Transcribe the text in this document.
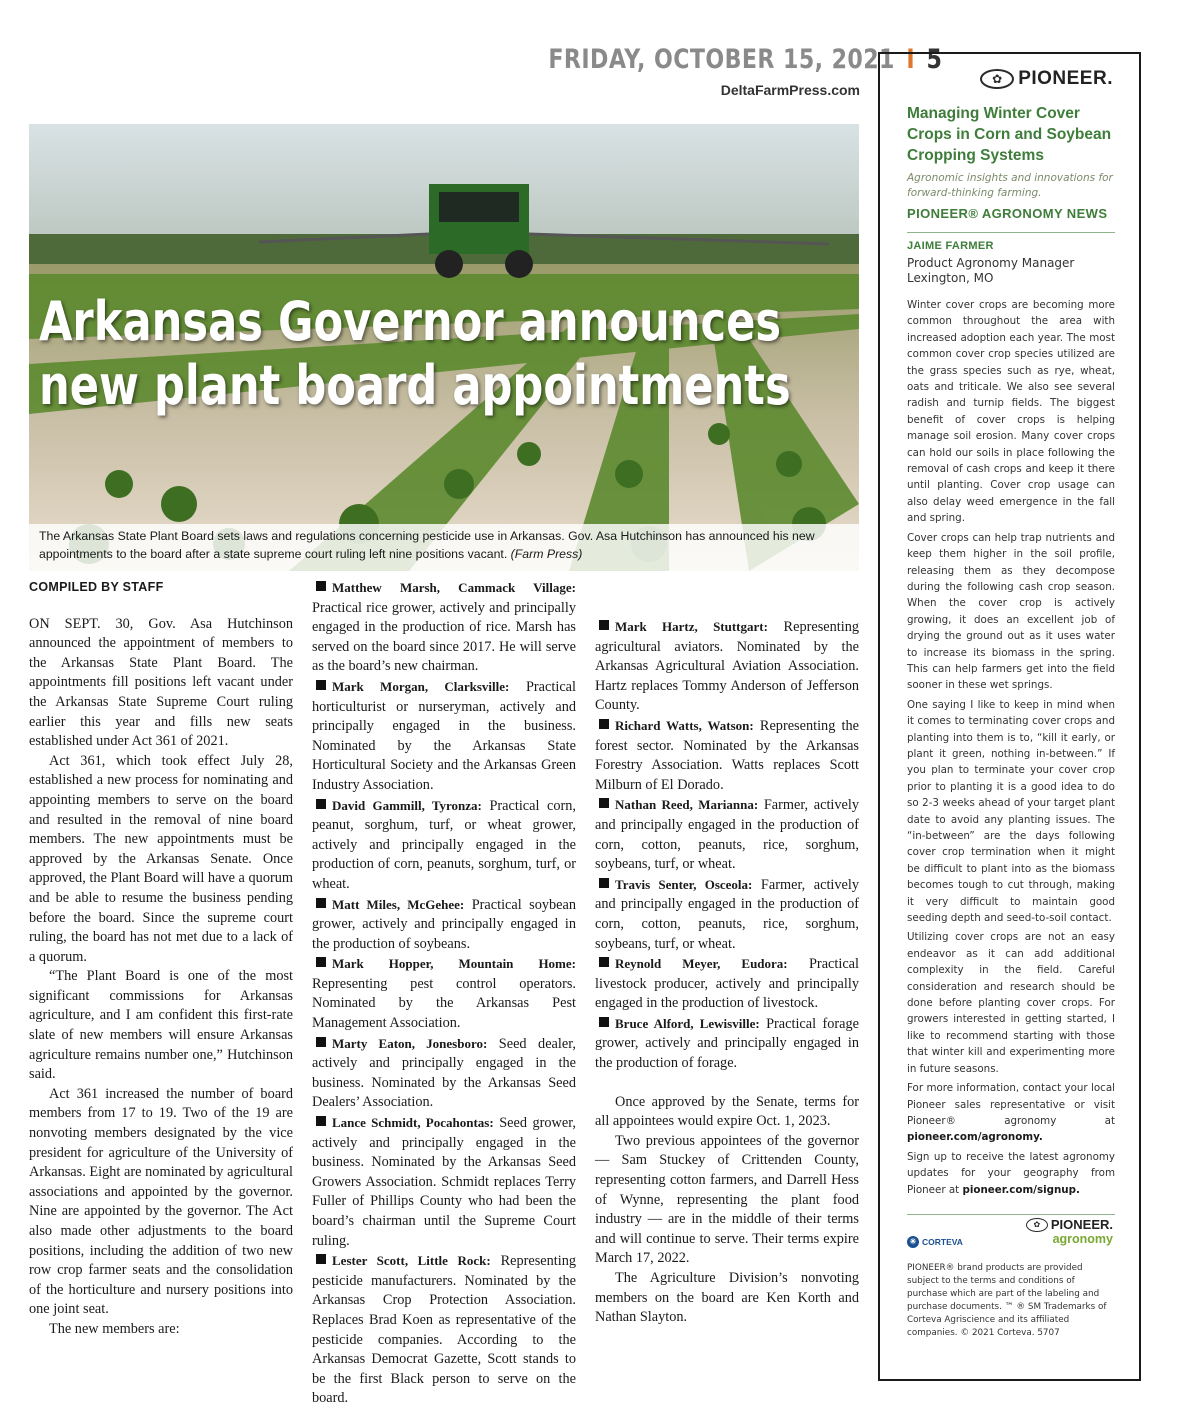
FRIDAY, OCTOBER 15, 2021 I 5
DeltaFarmPress.com
Arkansas Governor announces
new plant board appointments
The Arkansas State Plant Board sets laws and regulations concerning pesticide use in Arkansas. Gov. Asa Hutchinson has announced his new appointments to the board after a state supreme court ruling left nine positions vacant. (Farm Press)
COMPILED BY STAFF

ON SEPT. 30, Gov. Asa Hutchinson announced the appointment of members to the Arkansas State Plant Board. The appointments fill positions left vacant under the Arkansas State Supreme Court ruling earlier this year and fills new seats established under Act 361 of 2021.

Act 361, which took effect July 28, established a new process for nominating and appointing members to serve on the board and resulted in the removal of nine board members. The new appointments must be approved by the Arkansas Senate. Once approved, the Plant Board will have a quorum and be able to resume the business pending before the board. Since the supreme court ruling, the board has not met due to a lack of a quorum.

“The Plant Board is one of the most significant commissions for Arkansas agriculture, and I am confident this first-rate slate of new members will ensure Arkansas agriculture remains number one,” Hutchinson said.

Act 361 increased the number of board members from 17 to 19. Two of the 19 are nonvoting members designated by the vice president for agriculture of the University of Arkansas. Eight are nominated by agricultural associations and appointed by the governor. Nine are appointed by the governor. The Act also made other adjustments to the board positions, including the addition of two new row crop farmer seats and the consolidation of the horticulture and nursery positions into one joint seat.

The new members are:

Matthew Marsh, Cammack Village: Practical rice grower, actively and principally engaged in the production of rice. Marsh has served on the board since 2017. He will serve as the board’s new chairman.

Mark Morgan, Clarksville: Practical horticulturist or nurseryman, actively and principally engaged in the business. Nominated by the Arkansas State Horticultural Society and the Arkansas Green Industry Association.

David Gammill, Tyronza: Practical corn, peanut, sorghum, turf, or wheat grower, actively and principally engaged in the production of corn, peanuts, sorghum, turf, or wheat.

Matt Miles, McGehee: Practical soybean grower, actively and principally engaged in the production of soybeans.

Mark Hopper, Mountain Home: Representing pest control operators. Nominated by the Arkansas Pest Management Association.

Marty Eaton, Jonesboro: Seed dealer, actively and principally engaged in the business. Nominated by the Arkansas Seed Dealers’ Association.

Lance Schmidt, Pocahontas: Seed grower, actively and principally engaged in the business. Nominated by the Arkansas Seed Growers Association. Schmidt replaces Terry Fuller of Phillips County who had been the board’s chairman until the Supreme Court ruling.

Lester Scott, Little Rock: Representing pesticide manufacturers. Nominated by the Arkansas Crop Protection Association. Replaces Brad Koen as representative of the pesticide companies. According to the Arkansas Democrat Gazette, Scott stands to be the first Black person to serve on the board.

Mark Hartz, Stuttgart: Representing agricultural aviators. Nominated by the Arkansas Agricultural Aviation Association. Hartz replaces Tommy Anderson of Jefferson County.

Richard Watts, Watson: Representing the forest sector. Nominated by the Arkansas Forestry Association. Watts replaces Scott Milburn of El Dorado.

Nathan Reed, Marianna: Farmer, actively and principally engaged in the production of corn, cotton, peanuts, rice, sorghum, soybeans, turf, or wheat.

Travis Senter, Osceola: Farmer, actively and principally engaged in the production of corn, cotton, peanuts, rice, sorghum, soybeans, turf, or wheat.

Reynold Meyer, Eudora: Practical livestock producer, actively and principally engaged in the production of livestock.

Bruce Alford, Lewisville: Practical forage grower, actively and principally engaged in the production of forage.

Once approved by the Senate, terms for all appointees would expire Oct. 1, 2023.

Two previous appointees of the governor — Sam Stuckey of Crittenden County, representing cotton farmers, and Darrell Hess of Wynne, representing the plant food industry — are in the middle of their terms and will continue to serve. Their terms expire March 17, 2022.

The Agriculture Division’s nonvoting members on the board are Ken Korth and Nathan Slayton.

✿ PIONEER.
Managing Winter Cover Crops in Corn and Soybean Cropping Systems
Agronomic insights and innovations for forward-thinking farming.
PIONEER® AGRONOMY NEWS
JAIME FARMER
Product Agronomy Manager
Lexington, MO

Winter cover crops are becoming more common throughout the area with increased adoption each year. The most common cover crop species utilized are the grass species such as rye, wheat, oats and triticale. We also see several radish and turnip fields. The biggest benefit of cover crops is helping manage soil erosion. Many cover crops can hold our soils in place following the removal of cash crops and keep it there until planting. Cover crop usage can also delay weed emergence in the fall and spring.

Cover crops can help trap nutrients and keep them higher in the soil profile, releasing them as they decompose during the following cash crop season. When the cover crop is actively growing, it does an excellent job of drying the ground out as it uses water to increase its biomass in the spring. This can help farmers get into the field sooner in these wet springs.

One saying I like to keep in mind when it comes to terminating cover crops and planting into them is to, “kill it early, or plant it green, nothing in-between.” If you plan to terminate your cover crop prior to planting it is a good idea to do so 2-3 weeks ahead of your target plant date to avoid any planting issues. The “in-between” are the days following cover crop termination when it might be difficult to plant into as the biomass becomes tough to cut through, making it very difficult to maintain good seeding depth and seed-to-soil contact.

Utilizing cover crops are not an easy endeavor as it can add additional complexity in the field. Careful consideration and research should be done before planting cover crops. For growers interested in getting started, I like to recommend starting with those that winter kill and experimenting more in future seasons.

For more information, contact your local Pioneer sales representative or visit Pioneer® agronomy at pioneer.com/agronomy.

Sign up to receive the latest agronomy updates for your geography from Pioneer at pioneer.com/signup.

✳ CORTEVA
✿ PIONEER.
agronomy
PIONEER® brand products are provided subject to the terms and conditions of purchase which are part of the labeling and purchase documents. ™ ® SM Trademarks of Corteva Agriscience and its affiliated companies. © 2021 Corteva. 5707
